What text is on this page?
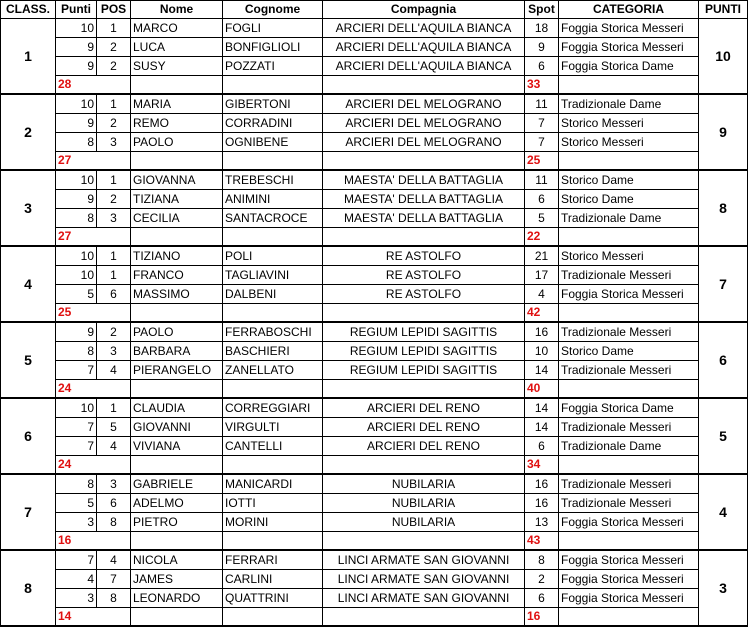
CLASS.	Punti	POS	Nome	Cognome	Compagnia	Spot	CATEGORIA	PUNTI
1	10	1	MARCO	FOGLI	ARCIERI DELL'AQUILA BIANCA	18	Foggia Storica Messeri	10
	9	2	LUCA	BONFIGLIOLI	ARCIERI DELL'AQUILA BIANCA	9	Foggia Storica Messeri	
	9	2	SUSY	POZZATI	ARCIERI DELL'AQUILA BIANCA	6	Foggia Storica Dame	
	28					33		
2	10	1	MARIA	GIBERTONI	ARCIERI DEL MELOGRANO	11	Tradizionale Dame	9
	9	2	REMO	CORRADINI	ARCIERI DEL MELOGRANO	7	Storico Messeri	
	8	3	PAOLO	OGNIBENE	ARCIERI DEL MELOGRANO	7	Storico Messeri	
	27					25		
3	10	1	GIOVANNA	TREBESCHI	MAESTA' DELLA BATTAGLIA	11	Storico Dame	8
	9	2	TIZIANA	ANIMINI	MAESTA' DELLA BATTAGLIA	6	Storico Dame	
	8	3	CECILIA	SANTACROCE	MAESTA' DELLA BATTAGLIA	5	Tradizionale Dame	
	27					22		
4	10	1	TIZIANO	POLI	RE ASTOLFO	21	Storico Messeri	7
	10	1	FRANCO	TAGLIAVINI	RE ASTOLFO	17	Tradizionale Messeri	
	5	6	MASSIMO	DALBENI	RE ASTOLFO	4	Foggia Storica Messeri	
	25					42		
5	9	2	PAOLO	FERRABOSCHI	REGIUM LEPIDI SAGITTIS	16	Tradizionale Messeri	6
	8	3	BARBARA	BASCHIERI	REGIUM LEPIDI SAGITTIS	10	Storico Dame	
	7	4	PIERANGELO	ZANELLATO	REGIUM LEPIDI SAGITTIS	14	Tradizionale Messeri	
	24					40		
6	10	1	CLAUDIA	CORREGGIARI	ARCIERI DEL RENO	14	Foggia Storica Dame	5
	7	5	GIOVANNI	VIRGULTI	ARCIERI DEL RENO	14	Tradizionale Messeri	
	7	4	VIVIANA	CANTELLI	ARCIERI DEL RENO	6	Tradizionale Dame	
	24					34		
7	8	3	GABRIELE	MANICARDI	NUBILARIA	16	Tradizionale Messeri	4
	5	6	ADELMO	IOTTI	NUBILARIA	16	Tradizionale Messeri	
	3	8	PIETRO	MORINI	NUBILARIA	13	Foggia Storica Messeri	
	16					43		
8	7	4	NICOLA	FERRARI	LINCI ARMATE SAN GIOVANNI	8	Foggia Storica Messeri	3
	4	7	JAMES	CARLINI	LINCI ARMATE SAN GIOVANNI	2	Foggia Storica Messeri	
	3	8	LEONARDO	QUATTRINI	LINCI ARMATE SAN GIOVANNI	6	Foggia Storica Messeri	
	14					16		
